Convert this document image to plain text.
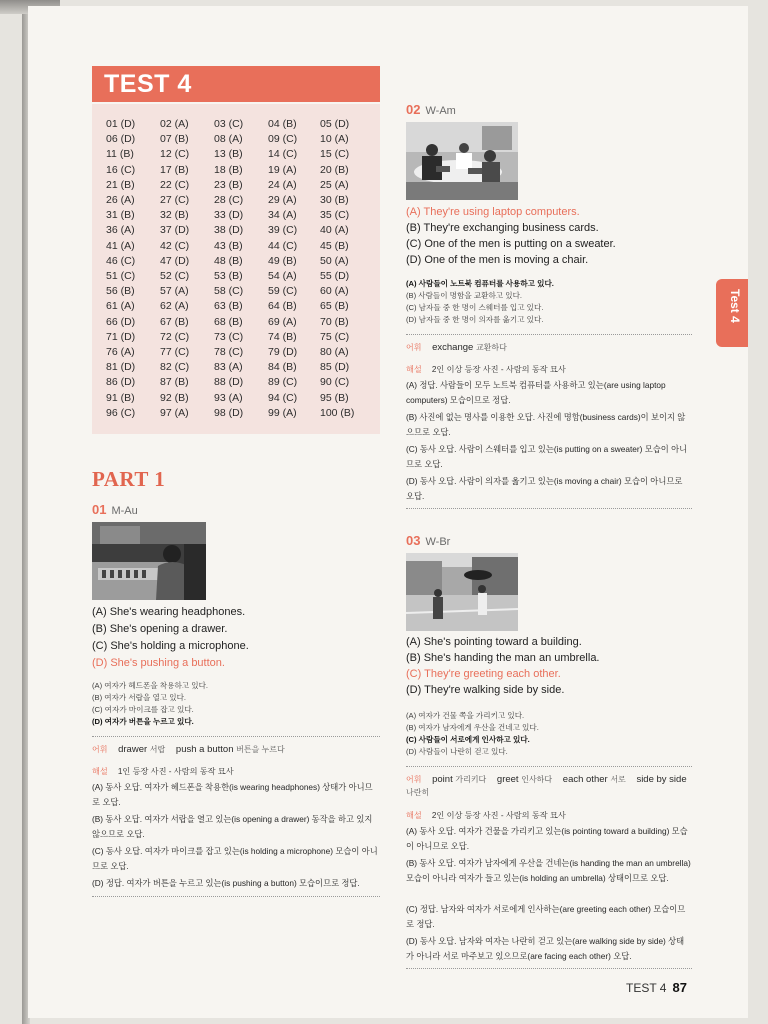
TEST 4
01 (D) 02 (A) 03 (C) 04 (B) 05 (D)
06 (D) 07 (B) 08 (A) 09 (C) 10 (A)
11 (B) 12 (C) 13 (B) 14 (C) 15 (C)
16 (C) 17 (B) 18 (B) 19 (A) 20 (B)
21 (B) 22 (C) 23 (B) 24 (A) 25 (A)
26 (A) 27 (C) 28 (C) 29 (A) 30 (B)
31 (B) 32 (B) 33 (D) 34 (A) 35 (C)
36 (A) 37 (D) 38 (D) 39 (C) 40 (A)
41 (A) 42 (C) 43 (B) 44 (C) 45 (B)
46 (C) 47 (D) 48 (B) 49 (B) 50 (A)
51 (C) 52 (C) 53 (B) 54 (A) 55 (D)
56 (B) 57 (A) 58 (C) 59 (C) 60 (A)
61 (A) 62 (A) 63 (B) 64 (B) 65 (B)
66 (D) 67 (B) 68 (B) 69 (A) 70 (B)
71 (D) 72 (C) 73 (C) 74 (B) 75 (C)
76 (A) 77 (C) 78 (C) 79 (D) 80 (A)
81 (D) 82 (C) 83 (A) 84 (B) 85 (D)
86 (D) 87 (B) 88 (D) 89 (C) 90 (C)
91 (B) 92 (B) 93 (A) 94 (C) 95 (B)
96 (C) 97 (A) 98 (D) 99 (A) 100 (B)
PART 1
01 M-Au
(A) She's wearing headphones.
(B) She's opening a drawer.
(C) She's holding a microphone.
(D) She's pushing a button.
(A) 여자가 헤드폰을 착용하고 있다.
(B) 여자가 서랍을 열고 있다.
(C) 여자가 마이크를 잡고 있다.
(D) 여자가 버튼을 누르고 있다.
어휘 drawer 서랍 push a button 버튼을 누르다
해설 1인 등장 사진 - 사람의 동작 묘사
(A) 동사 오답. 여자가 헤드폰을 착용한(is wearing headphones) 상태가 아니므로 오답.
(B) 동사 오답. 여자가 서랍을 열고 있는(is opening a drawer) 동작을 하고 있지 않으므로 오답.
(C) 동사 오답. 여자가 마이크를 잡고 있는(is holding a microphone) 모습이 아니므로 오답.
(D) 정답. 여자가 버튼을 누르고 있는(is pushing a button) 모습이므로 정답.
02 W-Am
(A) They're using laptop computers.
(B) They're exchanging business cards.
(C) One of the men is putting on a sweater.
(D) One of the men is moving a chair.
(A) 사람들이 노트북 컴퓨터를 사용하고 있다.
(B) 사람들이 명함을 교환하고 있다.
(C) 남자들 중 한 명이 스웨터를 입고 있다.
(D) 남자들 중 한 명이 의자를 옮기고 있다.
어휘 exchange 교환하다
해설 2인 이상 등장 사진 - 사람의 동작 묘사
(A) 정답. 사람들이 모두 노트북 컴퓨터를 사용하고 있는(are using laptop computers) 모습이므로 정답.
(B) 사진에 없는 명사를 이용한 오답. 사진에 명함(business cards)이 보이지 않으므로 오답.
(C) 동사 오답. 사람이 스웨터를 입고 있는(is putting on a sweater) 모습이 아니므로 오답.
(D) 동사 오답. 사람이 의자를 옮기고 있는(is moving a chair) 모습이 아니므로 오답.
03 W-Br
(A) She's pointing toward a building.
(B) She's handing the man an umbrella.
(C) They're greeting each other.
(D) They're walking side by side.
(A) 여자가 건물 쪽을 가리키고 있다.
(B) 여자가 남자에게 우산을 건네고 있다.
(C) 사람들이 서로에게 인사하고 있다.
(D) 사람들이 나란히 걷고 있다.
어휘 point 가리키다 greet 인사하다 each other 서로 side by side 나란히
해설 2인 이상 등장 사진 - 사람의 동작 묘사
(A) 동사 오답. 여자가 건물을 가리키고 있는(is pointing toward a building) 모습이 아니므로 오답.
(B) 동사 오답. 여자가 남자에게 우산을 건네는(is handing the man an umbrella) 모습이 아니라 여자가 들고 있는(is holding an umbrella) 상태이므로 오답.
(C) 정답. 남자와 여자가 서로에게 인사하는(are greeting each other) 모습이므로 정답.
(D) 동사 오답. 남자와 여자는 나란히 걷고 있는(are walking side by side) 상태가 아니라 서로 마주보고 있으므로(are facing each other) 오답.
Test 4
TEST 4 87
